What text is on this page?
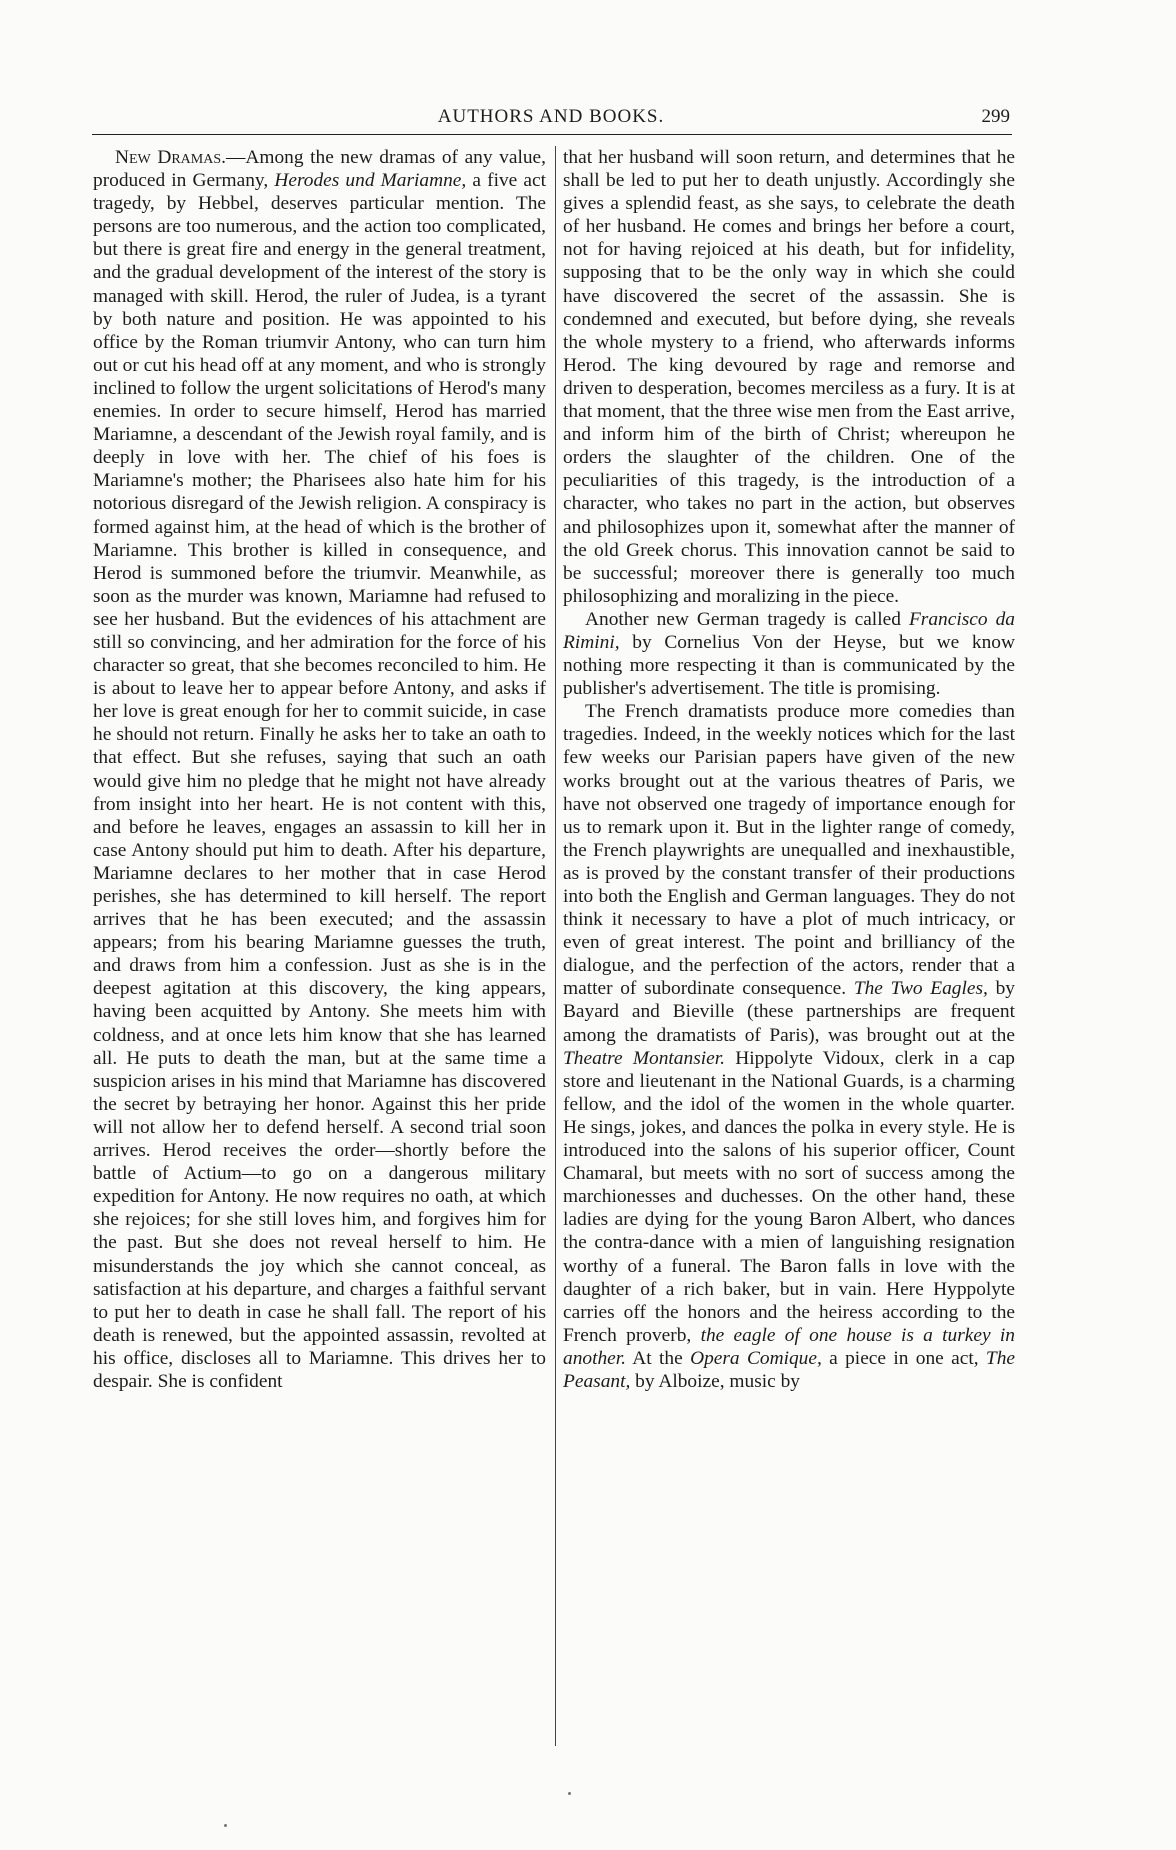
AUTHORS AND BOOKS.	299

New Dramas.—Among the new dramas of any value, produced in Germany, Herodes und Mariamne, a five act tragedy, by Hebbel, deserves particular mention. The persons are too numerous, and the action too complicated, but there is great fire and energy in the general treatment, and the gradual development of the interest of the story is managed with skill. Herod, the ruler of Judea, is a tyrant by both nature and position. He was appointed to his office by the Roman triumvir Antony, who can turn him out or cut his head off at any moment, and who is strongly inclined to follow the urgent solicitations of Herod's many enemies. In order to secure himself, Herod has married Mariamne, a descendant of the Jewish royal family, and is deeply in love with her. The chief of his foes is Mariamne's mother; the Pharisees also hate him for his notorious disregard of the Jewish religion. A conspiracy is formed against him, at the head of which is the brother of Mariamne. This brother is killed in consequence, and Herod is summoned before the triumvir. Meanwhile, as soon as the murder was known, Mariamne had refused to see her husband. But the evidences of his attachment are still so convincing, and her admiration for the force of his character so great, that she becomes reconciled to him. He is about to leave her to appear before Antony, and asks if her love is great enough for her to commit suicide, in case he should not return. Finally he asks her to take an oath to that effect. But she refuses, saying that such an oath would give him no pledge that he might not have already from insight into her heart. He is not content with this, and before he leaves, engages an assassin to kill her in case Antony should put him to death. After his departure, Mariamne declares to her mother that in case Herod perishes, she has determined to kill herself. The report arrives that he has been executed; and the assassin appears; from his bearing Mariamne guesses the truth, and draws from him a confession. Just as she is in the deepest agitation at this discovery, the king appears, having been acquitted by Antony. She meets him with coldness, and at once lets him know that she has learned all. He puts to death the man, but at the same time a suspicion arises in his mind that Mariamne has discovered the secret by betraying her honor. Against this her pride will not allow her to defend herself. A second trial soon arrives. Herod receives the order—shortly before the battle of Actium—to go on a dangerous military expedition for Antony. He now requires no oath, at which she rejoices; for she still loves him, and forgives him for the past. But she does not reveal herself to him. He misunderstands the joy which she cannot conceal, as satisfaction at his departure, and charges a faithful servant to put her to death in case he shall fall. The report of his death is renewed, but the appointed assassin, revolted at his office, discloses all to Mariamne. This drives her to despair. She is confident

that her husband will soon return, and determines that he shall be led to put her to death unjustly. Accordingly she gives a splendid feast, as she says, to celebrate the death of her husband. He comes and brings her before a court, not for having rejoiced at his death, but for infidelity, supposing that to be the only way in which she could have discovered the secret of the assassin. She is condemned and executed, but before dying, she reveals the whole mystery to a friend, who afterwards informs Herod. The king devoured by rage and remorse and driven to desperation, becomes merciless as a fury. It is at that moment, that the three wise men from the East arrive, and inform him of the birth of Christ; whereupon he orders the slaughter of the children. One of the peculiarities of this tragedy, is the introduction of a character, who takes no part in the action, but observes and philosophizes upon it, somewhat after the manner of the old Greek chorus. This innovation cannot be said to be successful; moreover there is generally too much philosophizing and moralizing in the piece.

Another new German tragedy is called Francisco da Rimini, by Cornelius Von der Heyse, but we know nothing more respecting it than is communicated by the publisher's advertisement. The title is promising.

The French dramatists produce more comedies than tragedies. Indeed, in the weekly notices which for the last few weeks our Parisian papers have given of the new works brought out at the various theatres of Paris, we have not observed one tragedy of importance enough for us to remark upon it. But in the lighter range of comedy, the French playwrights are unequalled and inexhaustible, as is proved by the constant transfer of their productions into both the English and German languages. They do not think it necessary to have a plot of much intricacy, or even of great interest. The point and brilliancy of the dialogue, and the perfection of the actors, render that a matter of subordinate consequence. The Two Eagles, by Bayard and Bieville (these partnerships are frequent among the dramatists of Paris), was brought out at the Theatre Montansier. Hippolyte Vidoux, clerk in a cap store and lieutenant in the National Guards, is a charming fellow, and the idol of the women in the whole quarter. He sings, jokes, and dances the polka in every style. He is introduced into the salons of his superior officer, Count Chamaral, but meets with no sort of success among the marchionesses and duchesses. On the other hand, these ladies are dying for the young Baron Albert, who dances the contra-dance with a mien of languishing resignation worthy of a funeral. The Baron falls in love with the daughter of a rich baker, but in vain. Here Hyppolyte carries off the honors and the heiress according to the French proverb, the eagle of one house is a turkey in another. At the Opera Comique, a piece in one act, The Peasant, by Alboize, music by
